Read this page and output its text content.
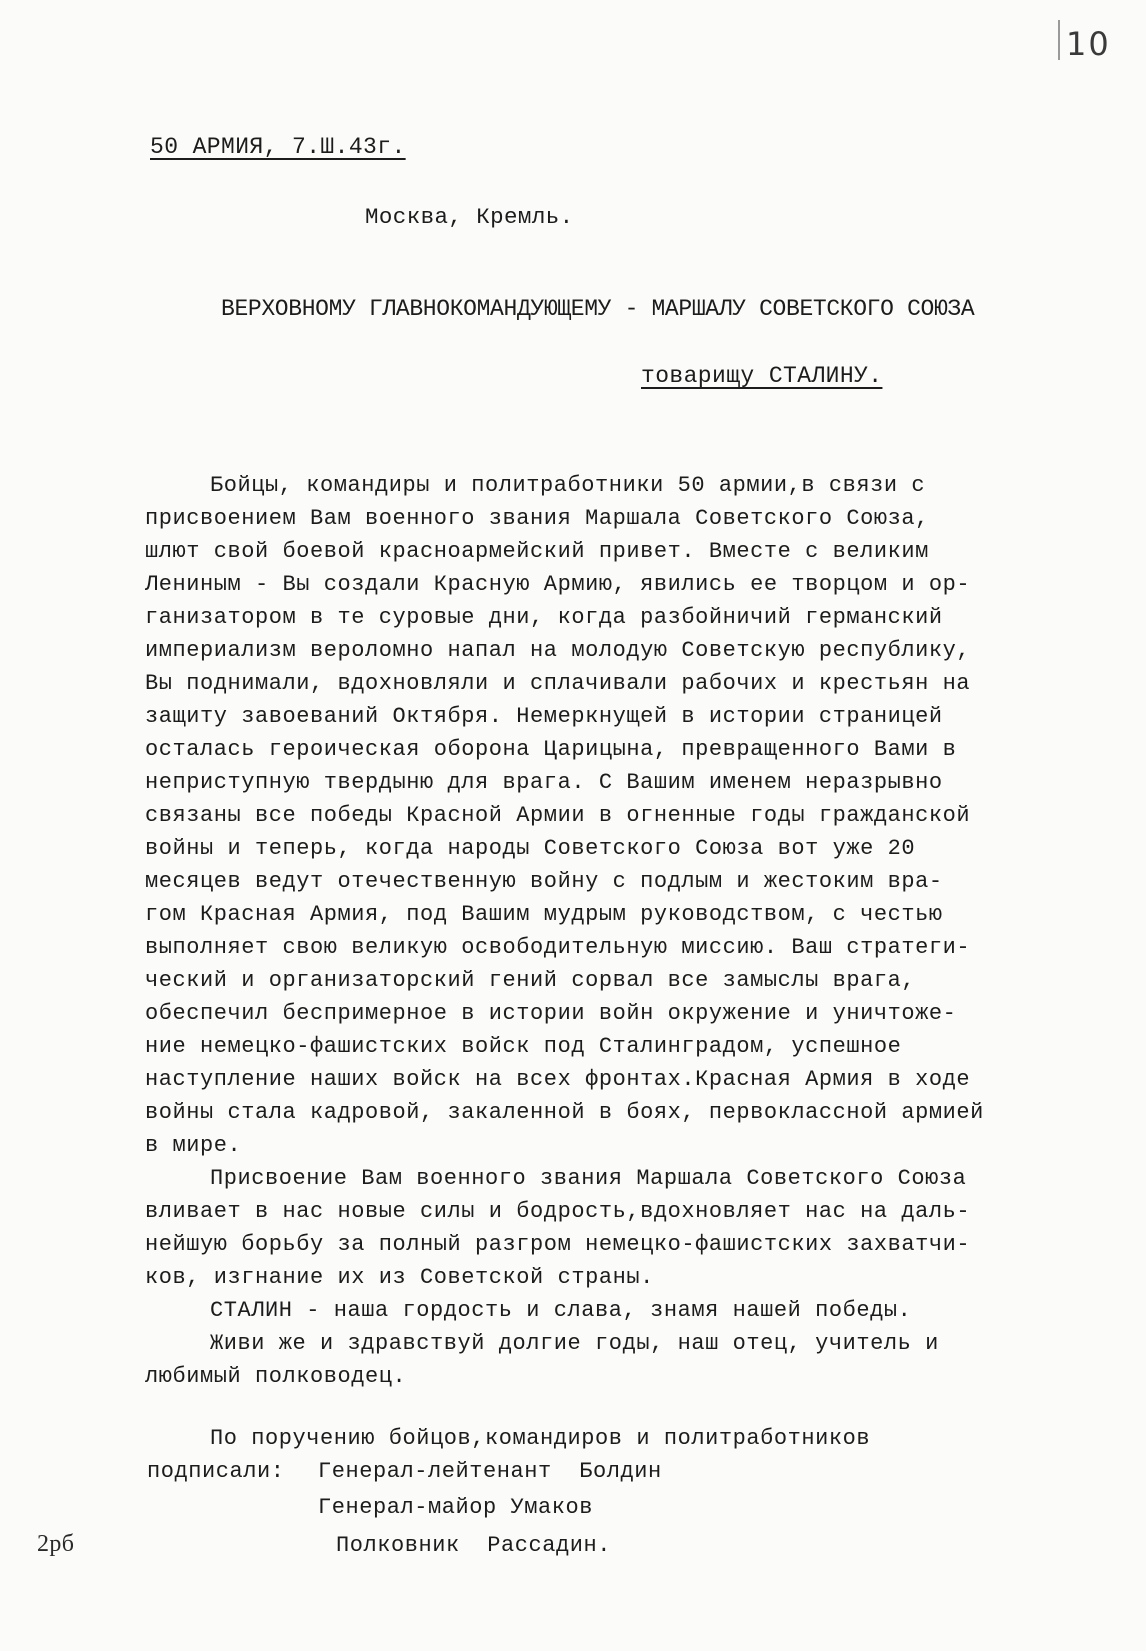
10
50 АРМИЯ, 7.Ш.43г.
Москва, Кремль.
ВЕРХОВНОМУ ГЛАВНОКОМАНДУЮЩЕМУ - МАРШАЛУ СОВЕТСКОГО СОЮЗА
товарищу СТАЛИНУ.
Бойцы, командиры и политработники 50 армии,в связи с
присвоением Вам военного звания Маршала Советского Союза,
шлют свой боевой красноармейский привет. Вместе с великим
Лениным - Вы создали Красную Армию, явились ее творцом и ор-
ганизатором в те суровые дни, когда разбойничий германский
империализм вероломно напал на молодую Советскую республику,
Вы поднимали, вдохновляли и сплачивали рабочих и крестьян на
защиту завоеваний Октября. Немеркнущей в истории страницей
осталась героическая оборона Царицына, превращенного Вами в
неприступную твердыню для врага. С Вашим именем неразрывно
связаны все победы Красной Армии в огненные годы гражданской
войны и теперь, когда народы Советского Союза вот уже 20
месяцев ведут отечественную войну с подлым и жестоким вра-
гом Красная Армия, под Вашим мудрым руководством, с честью
выполняет свою великую освободительную миссию. Ваш стратеги-
ческий и организаторский гений сорвал все замыслы врага,
обеспечил беспримерное в истории войн окружение и уничтоже-
ние немецко-фашистских войск под Сталинградом, успешное
наступление наших войск на всех фронтах.Красная Армия в ходе
войны стала кадровой, закаленной в боях, первоклассной армией
в мире.
Присвоение Вам военного звания Маршала Советского Союза
вливает в нас новые силы и бодрость,вдохновляет нас на даль-
нейшую борьбу за полный разгром немецко-фашистских захватчи-
ков, изгнание их из Советской страны.
СТАЛИН - наша гордость и слава, знамя нашей победы.
Живи же и здравствуй долгие годы, наш отец, учитель и
любимый полководец.
По поручению бойцов,командиров и политработников
подписали: Генерал-лейтенант  Болдин
Генерал-майор Умаков
Полковник  Рассадин.
2рб
